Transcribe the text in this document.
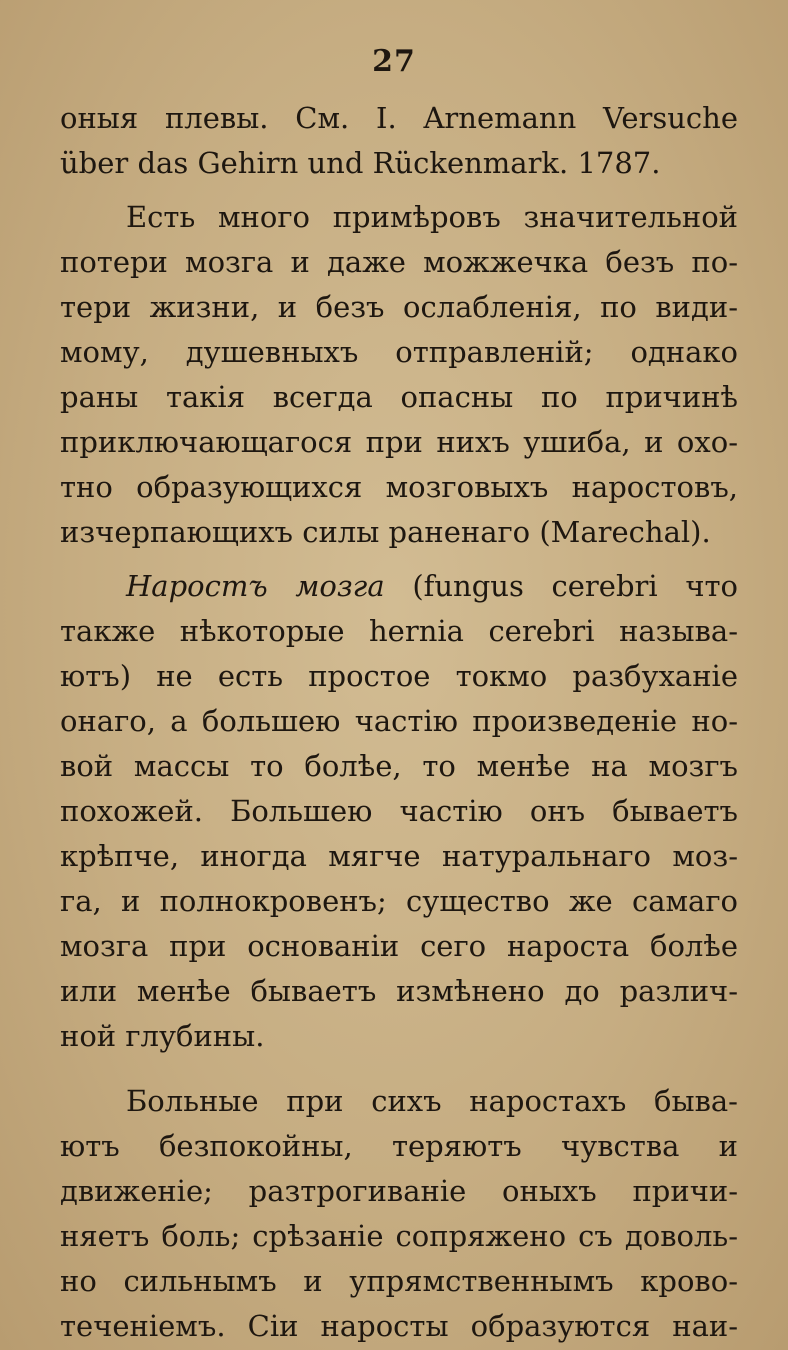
27
оныя плевы. См. I. Arnemann Versuche
über das Gehirn und Rückenmark. 1787.
Есть много примѣровъ значительной
потери мозга и даже можжечка безъ по-
тери жизни, и безъ ослабленія, по види-
мому, душевныхъ отправленій; однако
раны такія всегда опасны по причинѣ
приключающагося при нихъ ушиба, и охо-
тно образующихся мозговыхъ наростовъ,
изчерпающихъ силы раненаго (Marechal).
Наростъ мозга (fungus cerebri что
также нѣкоторые hernia cerebri называ-
ютъ) не есть простое токмо разбуханіе
онаго, а большею частію произведеніе но-
вой массы то болѣе, то менѣе на мозгъ
похожей. Большею частію онъ бываетъ
крѣпче, иногда мягче натуральнаго моз-
га, и полнокровенъ; существо же самаго
мозга при основаніи сего нароста болѣе
или менѣе бываетъ измѣнено до различ-
ной глубины.
Больные при сихъ наростахъ быва-
ютъ безпокойны, теряютъ чувства и
движеніе; разтрогиваніе оныхъ причи-
няетъ боль; срѣзаніе сопряжено съ доволь-
но сильнымъ и упрямственнымъ крово-
теченіемъ. Сіи наросты образуются наи-
